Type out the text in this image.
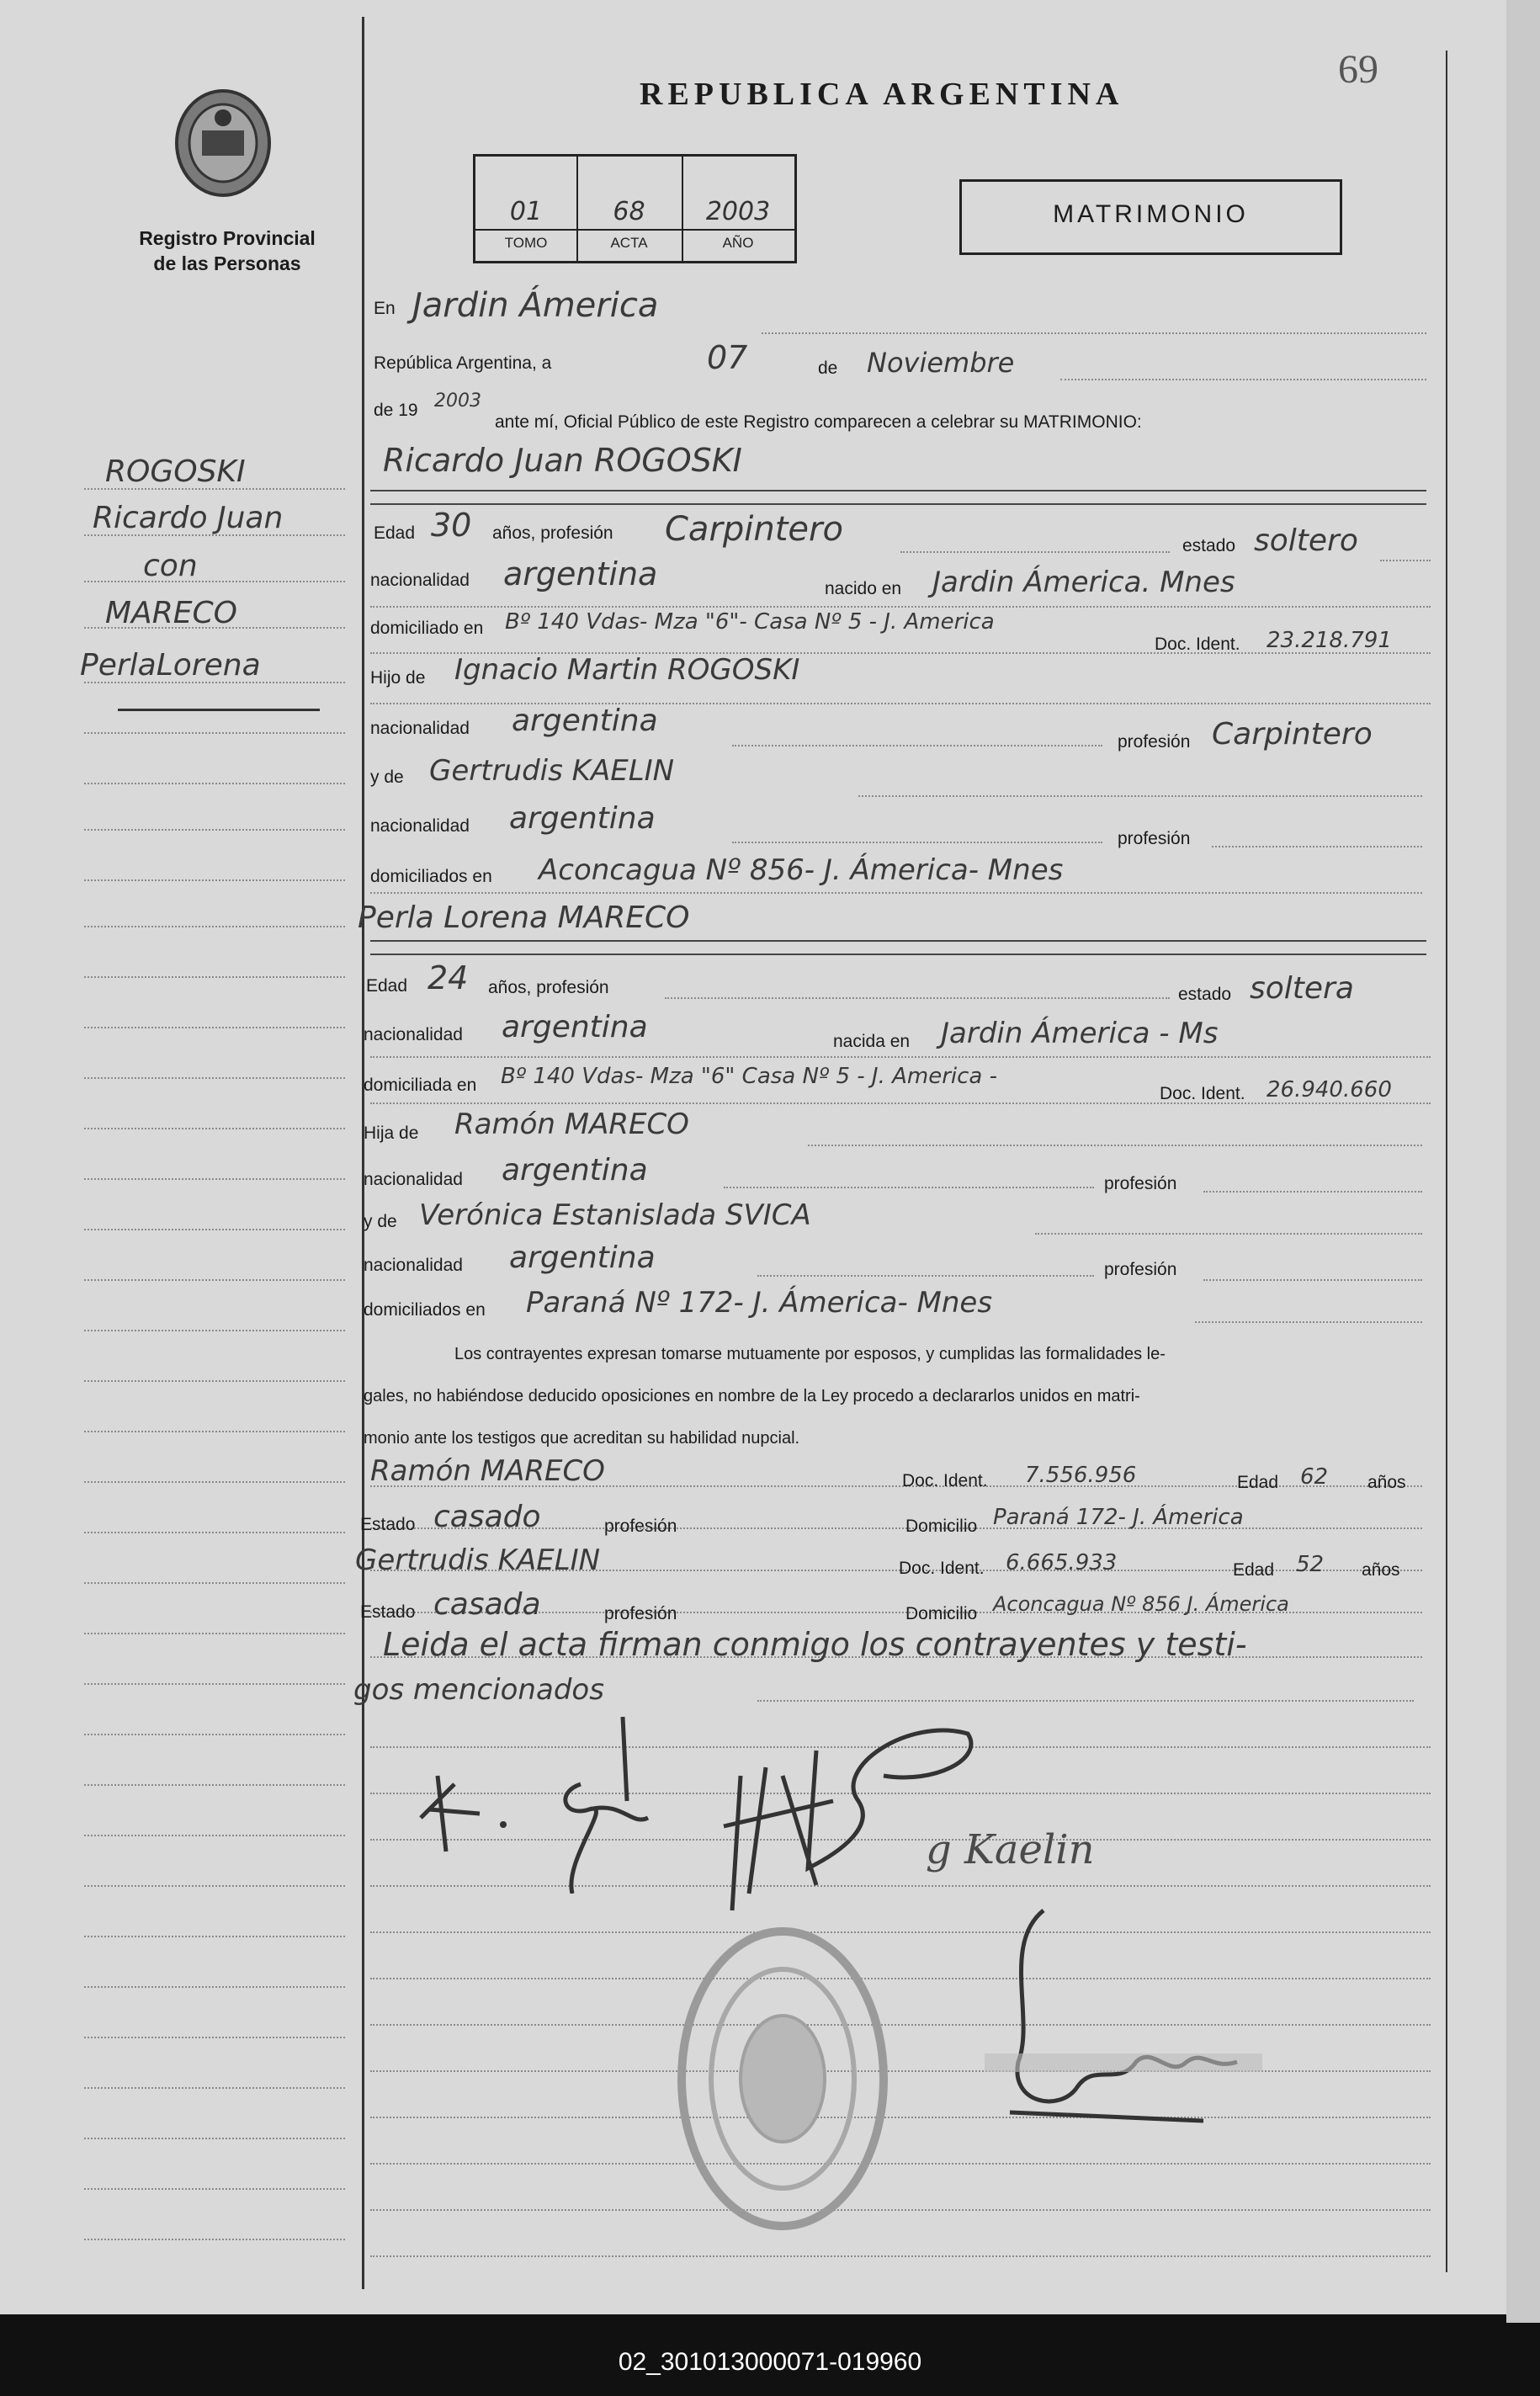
69
Registro Provincial
de las Personas
REPUBLICA ARGENTINA
01	68	2003
TOMO	ACTA	AÑO
MATRIMONIO
ROGOSKI
Ricardo Juan
con
MARECO
PerlaLorena
En Jardin Ámerica
República Argentina, a	07	de Noviembre
de 19 2003
ante mí, Oficial Público de este Registro comparecen a celebrar su MATRIMONIO:
Ricardo Juan ROGOSKI
Edad 30 años, profesión Carpintero	estado soltero
nacionalidad argentina	nacido en Jardin Ámerica. Mnes
domiciliado en Bº 140 Vdas- Mza "6"- Casa Nº 5 - J. America
Doc. Ident. 23.218.791
Hijo de Ignacio Martin ROGOSKI
nacionalidad argentina
profesión Carpintero
y de Gertrudis KAELIN
nacionalidad argentina
profesión
domiciliados en Aconcagua Nº 856- J. Ámerica- Mnes
Perla Lorena MARECO
Edad 24 años, profesión	estado soltera
nacionalidad argentina	nacida en Jardin Ámerica - Ms
domiciliada en Bº 140 Vdas- Mza "6" Casa Nº 5 - J. America -
Doc. Ident. 26.940.660
Hija de Ramón MARECO
nacionalidad argentina	profesión
y de Verónica Estanislada SVICA
nacionalidad argentina	profesión
domiciliados en Paraná Nº 172- J. Ámerica- Mnes
Los contrayentes expresan tomarse mutuamente por esposos, y cumplidas las formalidades le-
gales, no habiéndose deducido oposiciones en nombre de la Ley procedo a declararlos unidos en matri-
monio ante los testigos que acreditan su habilidad nupcial.
Ramón MARECO	Doc. Ident. 7.556.956	Edad 62 años
Estado casado	profesión	Domicilio Paraná 172- J. Ámerica
Gertrudis KAELIN	Doc. Ident. 6.665.933	Edad 52 años
Estado casada	profesión	Domicilio Aconcagua Nº 856 J. Ámerica
Leida el acta firman conmigo los contrayentes y testi-
gos mencionados
g Kaelin
02_301013000071-019960
